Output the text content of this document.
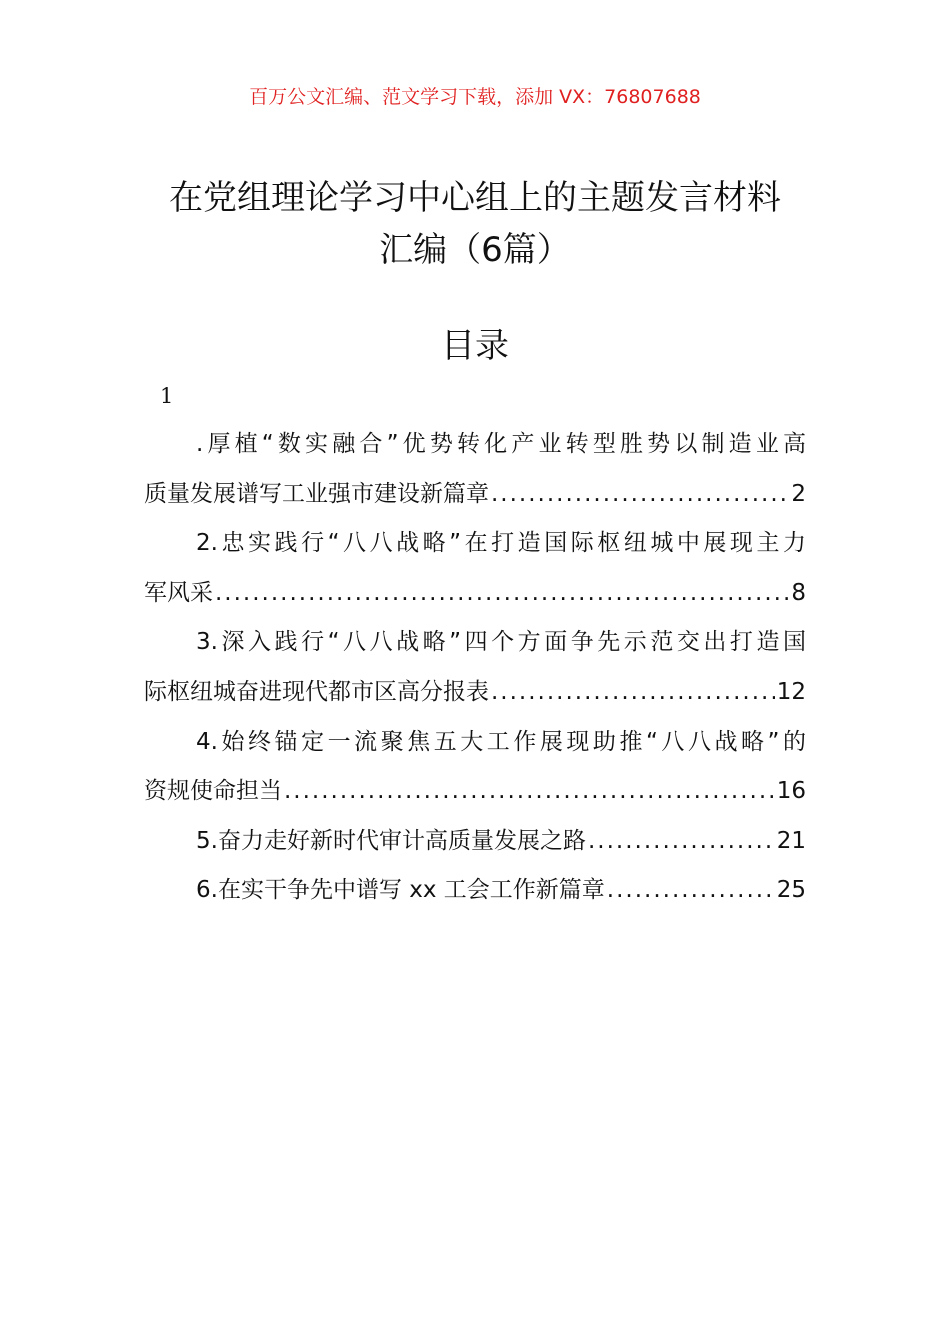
百万公文汇编、范文学习下载，添加 VX：76807688
在党组理论学习中心组上的主题发言材料
汇编（6篇）
目录
1
.厚植“数实融合”优势转化产业转型胜势以制造业高
质量发展谱写工业强市建设新篇章 .....	2
2.忠实践行“八八战略”在打造国际枢纽城中展现主力
军风采 .....	8
3.深入践行“八八战略”四个方面争先示范交出打造国
际枢纽城奋进现代都市区高分报表 .....	12
4.始终锚定一流聚焦五大工作展现助推“八八战略”的
资规使命担当 .....	16
5.奋力走好新时代审计高质量发展之路 .....	21
6.在实干争先中谱写 xx 工会工作新篇章 .....	25
